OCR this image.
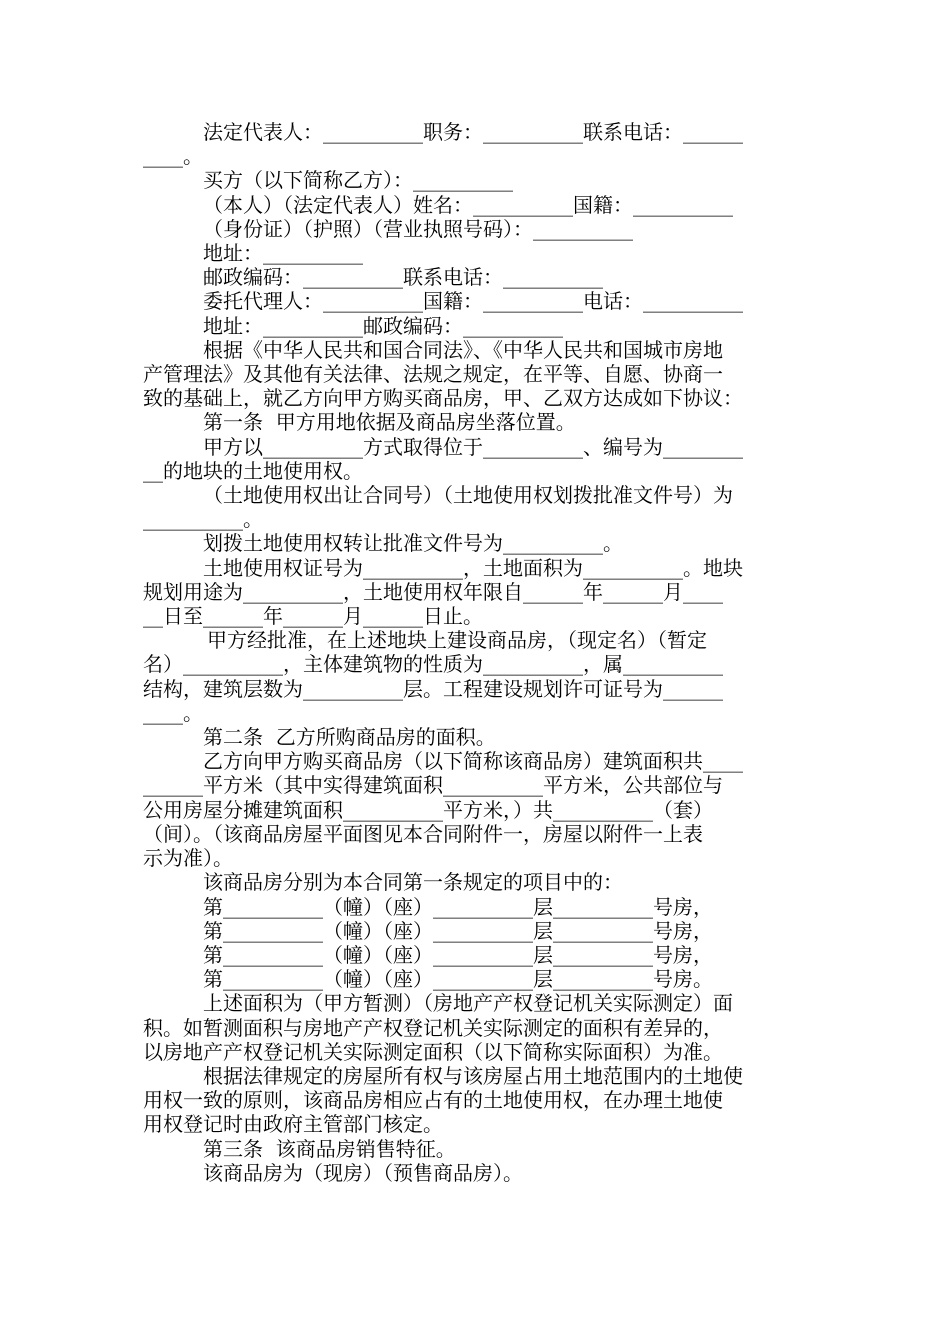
法定代表人：__________职务：__________联系电话：______

____。

买方（以下简称乙方）：__________

（本人）（法定代表人）姓名：__________国籍：__________

（身份证）（护照）（营业执照号码）：__________

地址：__________

邮政编码：__________联系电话：__________

委托代理人：__________国籍：__________电话：__________

地址：__________邮政编码：__________

根据《中华人民共和国合同法》、《中华人民共和国城市房地

产管理法》及其他有关法律、法规之规定，在平等、自愿、协商一

致的基础上，就乙方向甲方购买商品房，甲、乙双方达成如下协议：

第一条  甲方用地依据及商品房坐落位置。

甲方以__________方式取得位于__________、编号为________

__的地块的土地使用权。

（土地使用权出让合同号）（土地使用权划拨批准文件号）为

__________。

划拨土地使用权转让批准文件号为__________。

土地使用权证号为__________，土地面积为__________。地块

规划用途为__________，土地使用权年限自______年______月____

__日至______年______月______日止。

甲方经批准，在上述地块上建设商品房，（现定名）（暂定

名）__________，主体建筑物的性质为__________，属__________

结构，建筑层数为__________层。工程建设规划许可证号为______

____。

第二条  乙方所购商品房的面积。

乙方向甲方购买商品房（以下简称该商品房）建筑面积共____

______平方米（其中实得建筑面积__________平方米，公共部位与

公用房屋分摊建筑面积__________平方米，）共__________（套）

（间）。（该商品房屋平面图见本合同附件一，房屋以附件一上表

示为准）。

该商品房分别为本合同第一条规定的项目中的：

第__________（幢）（座）__________层__________号房，

第__________（幢）（座）__________层__________号房，

第__________（幢）（座）__________层__________号房，

第__________（幢）（座）__________层__________号房。

上述面积为（甲方暂测）（房地产产权登记机关实际测定）面

积。如暂测面积与房地产产权登记机关实际测定的面积有差异的，

以房地产产权登记机关实际测定面积（以下简称实际面积）为准。

根据法律规定的房屋所有权与该房屋占用土地范围内的土地使

用权一致的原则，该商品房相应占有的土地使用权，在办理土地使

用权登记时由政府主管部门核定。

第三条  该商品房销售特征。

该商品房为（现房）（预售商品房）。
